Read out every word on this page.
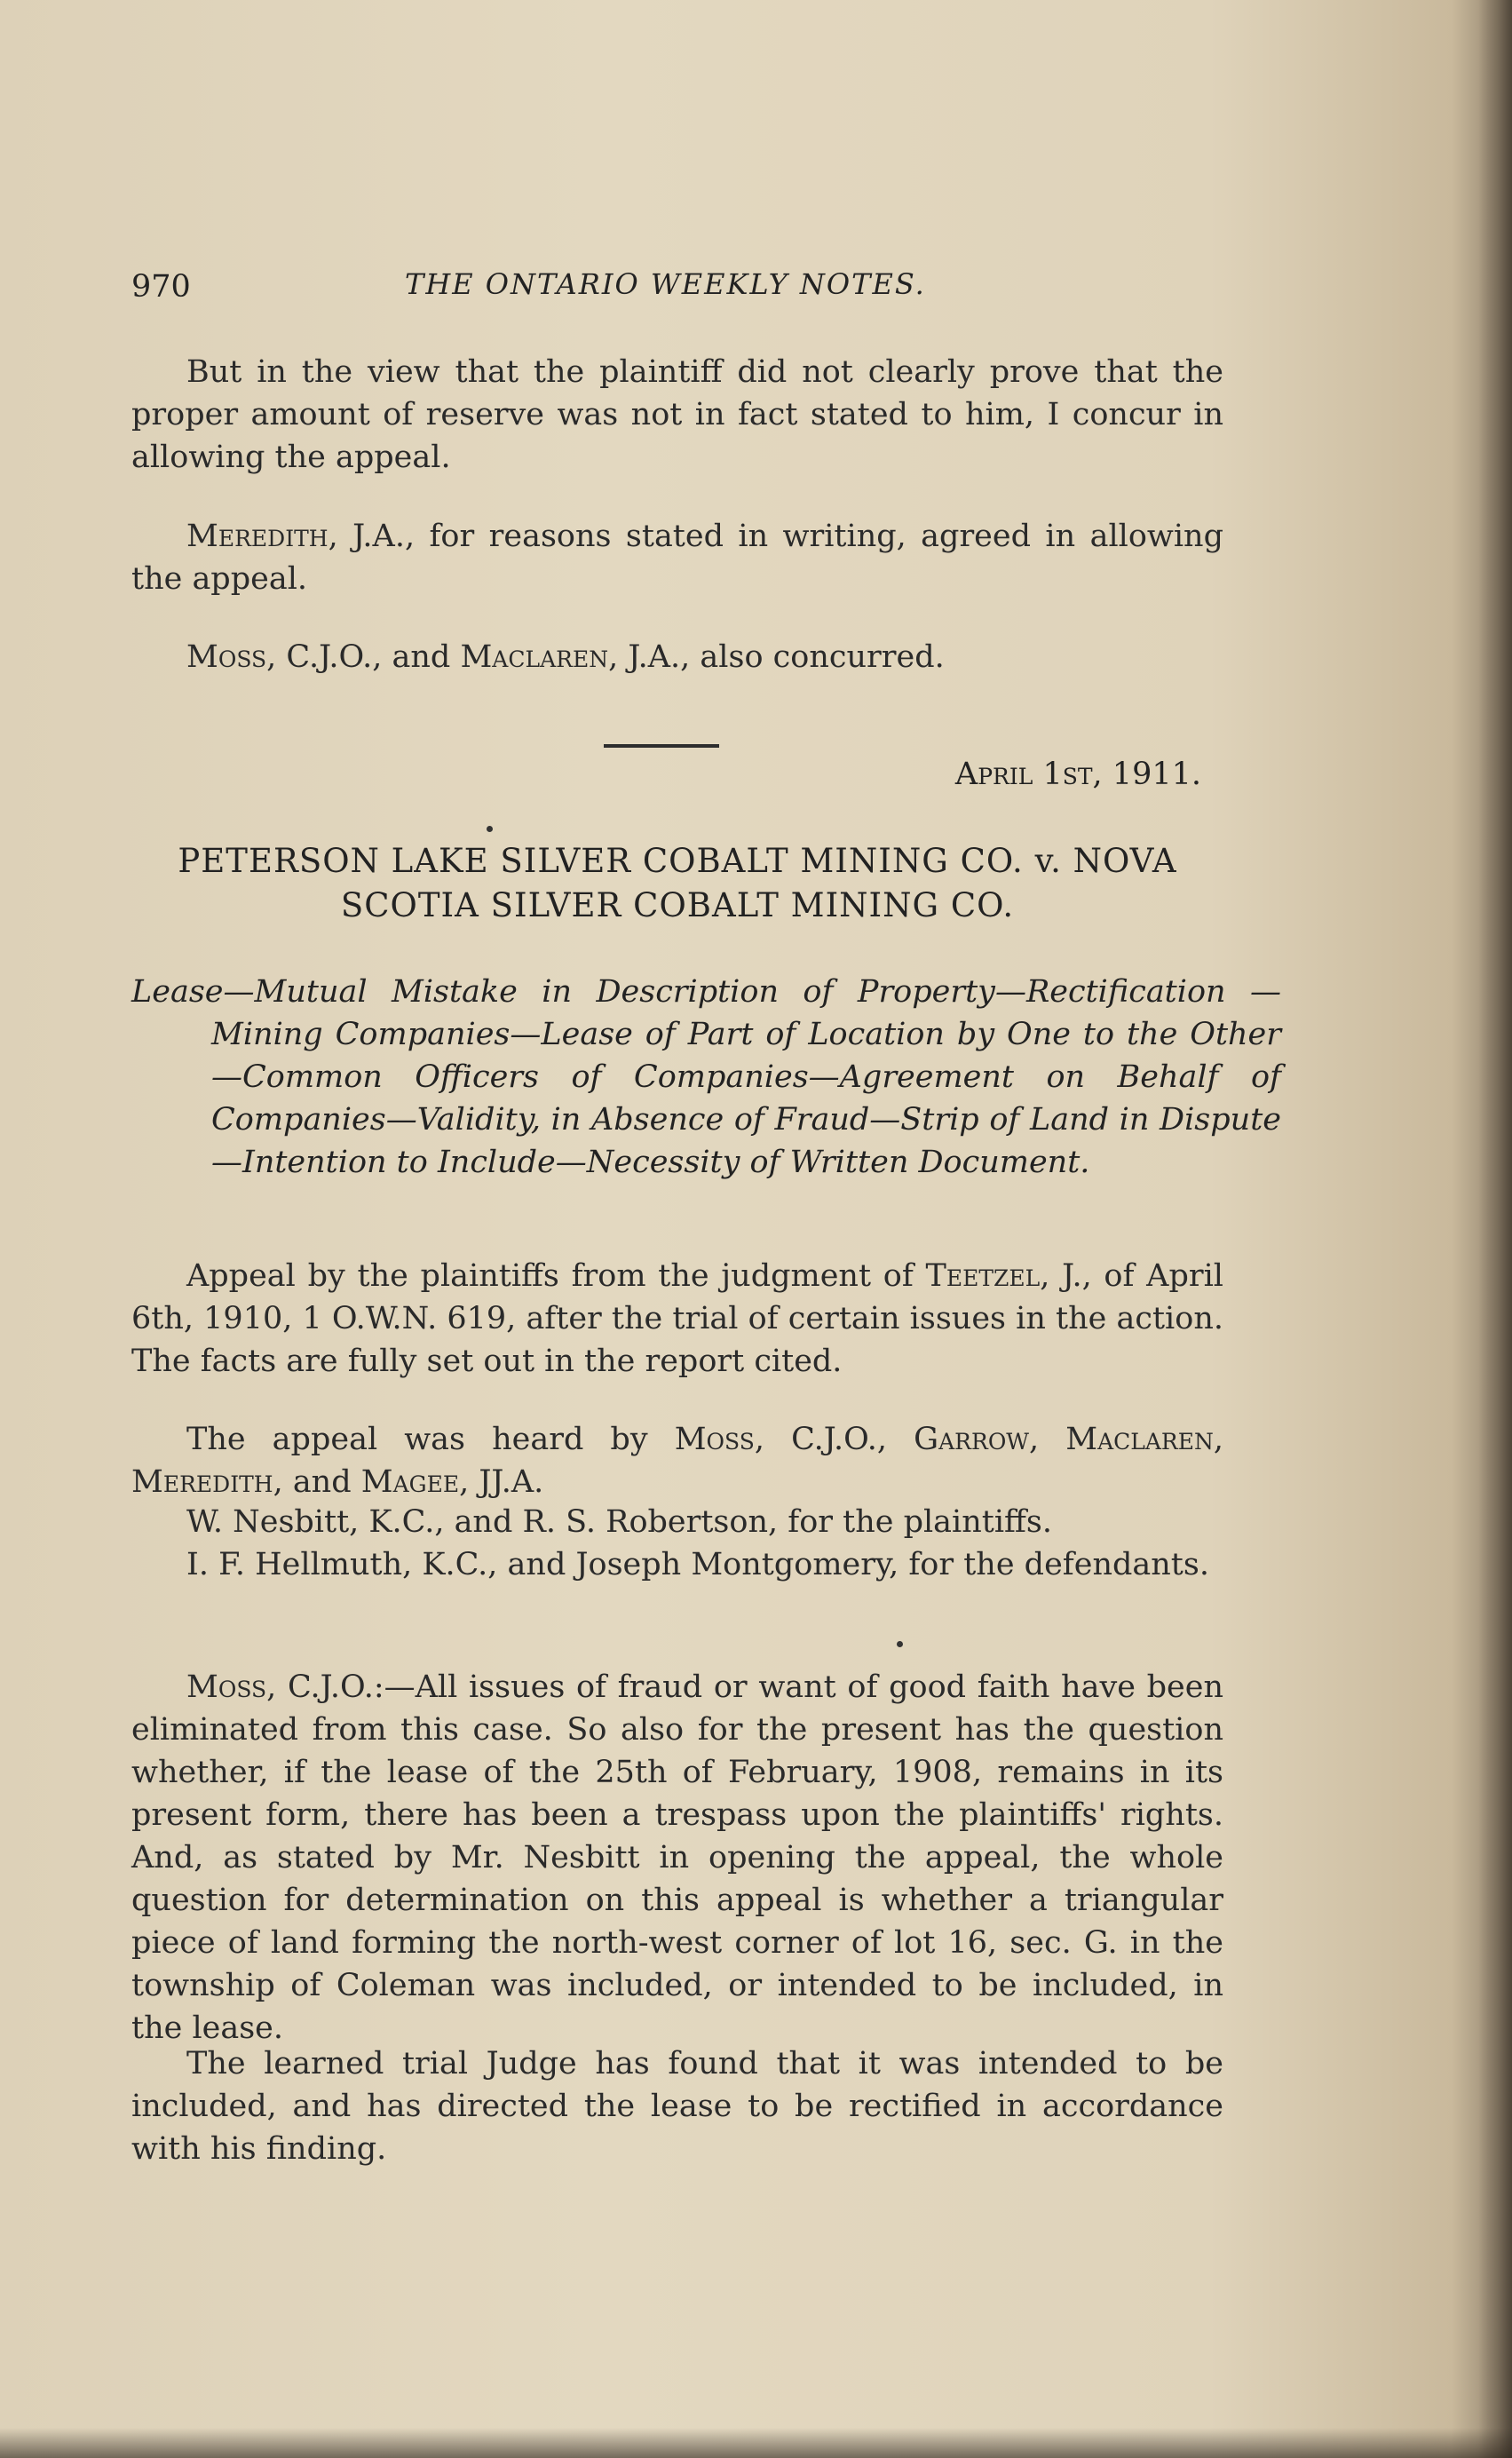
970	THE ONTARIO WEEKLY NOTES.

But in the view that the plaintiff did not clearly prove that the proper amount of reserve was not in fact stated to him, I concur in allowing the appeal.

Meredith, J.A., for reasons stated in writing, agreed in allowing the appeal.

Moss, C.J.O., and Maclaren, J.A., also concurred.

April 1st, 1911.
PETERSON LAKE SILVER COBALT MINING CO. v. NOVA
SCOTIA SILVER COBALT MINING CO.

Lease—Mutual Mistake in Description of Property—Rectification —Mining Companies—Lease of Part of Location by One to the Other—Common Officers of Companies—Agreement on Behalf of Companies—Validity, in Absence of Fraud—Strip of Land in Dispute—Intention to Include—Necessity of Written Document.

Appeal by the plaintiffs from the judgment of Teetzel, J., of April 6th, 1910, 1 O.W.N. 619, after the trial of certain issues in the action. The facts are fully set out in the report cited.

The appeal was heard by Moss, C.J.O., Garrow, Maclaren, Meredith, and Magee, JJ.A.

W. Nesbitt, K.C., and R. S. Robertson, for the plaintiffs.

I. F. Hellmuth, K.C., and Joseph Montgomery, for the defendants.

Moss, C.J.O.:—All issues of fraud or want of good faith have been eliminated from this case. So also for the present has the question whether, if the lease of the 25th of February, 1908, remains in its present form, there has been a trespass upon the plaintiffs' rights. And, as stated by Mr. Nesbitt in opening the appeal, the whole question for determination on this appeal is whether a triangular piece of land forming the north-west corner of lot 16, sec. G. in the township of Coleman was included, or intended to be included, in the lease.

The learned trial Judge has found that it was intended to be included, and has directed the lease to be rectified in accordance with his finding.
